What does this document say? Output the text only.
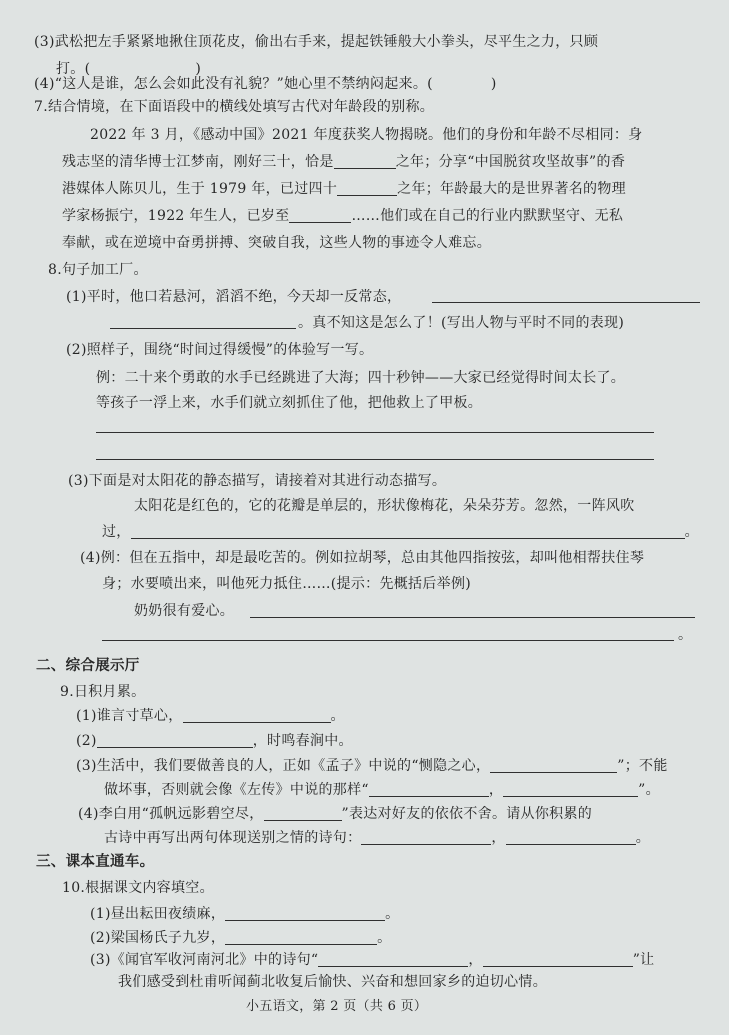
(3)武松把左手紧紧地揪住顶花皮，偷出右手来，提起铁锤般大小拳头，尽平生之力，只顾
打。(	)
(4)“这人是谁，怎么会如此没有礼貌？”她心里不禁纳闷起来。(	)
7.结合情境，在下面语段中的横线处填写古代对年龄段的别称。
2022 年 3 月，《感动中国》2021 年度获奖人物揭晓。他们的身份和年龄不尽相同：身
残志坚的清华博士江梦南，刚好三十，恰是	之年；分享“中国脱贫攻坚故事”的香
港媒体人陈贝儿，生于 1979 年，已过四十	之年；年龄最大的是世界著名的物理
学家杨振宁，1922 年生人，已岁至	……他们或在自己的行业内默默坚守、无私
奉献，或在逆境中奋勇拼搏、突破自我，这些人物的事迹令人难忘。
8.句子加工厂。
(1)平时，他口若悬河，滔滔不绝，今天却一反常态，
。真不知这是怎么了！(写出人物与平时不同的表现)
(2)照样子，围绕“时间过得缓慢”的体验写一写。
例：二十来个勇敢的水手已经跳进了大海；四十秒钟——大家已经觉得时间太长了。
等孩子一浮上来，水手们就立刻抓住了他，把他救上了甲板。
(3)下面是对太阳花的静态描写，请接着对其进行动态描写。
太阳花是红色的，它的花瓣是单层的，形状像梅花，朵朵芬芳。忽然，一阵风吹
过，	。
(4)例：但在五指中，却是最吃苦的。例如拉胡琴，总由其他四指按弦，却叫他相帮扶住琴
身；水要喷出来，叫他死力抵住……(提示：先概括后举例)
奶奶很有爱心。
。
二、综合展示厅
9.日积月累。
(1)谁言寸草心，	。
(2)	，时鸣春涧中。
(3)生活中，我们要做善良的人，正如《孟子》中说的“恻隐之心，	”；不能
做坏事，否则就会像《左传》中说的那样“	，	”。
(4)李白用“孤帆远影碧空尽，	”表达对好友的依依不舍。请从你积累的
古诗中再写出两句体现送别之情的诗句：	，	。
三、课本直通车。
10.根据课文内容填空。
(1)昼出耘田夜绩麻，	。
(2)梁国杨氏子九岁，	。
(3)《闻官军收河南河北》中的诗句“	，	”让
我们感受到杜甫听闻蓟北收复后愉快、兴奋和想回家乡的迫切心情。
小五语文，第 2 页（共 6 页）
